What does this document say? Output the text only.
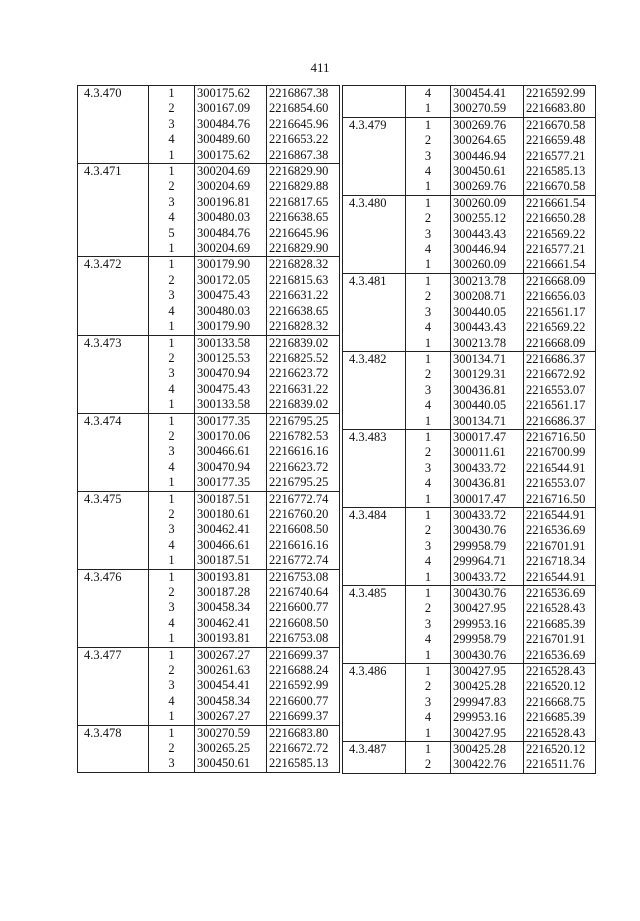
411
4.3.470	1	300175.62	2216867.38
	2	300167.09	2216854.60
	3	300484.76	2216645.96
	4	300489.60	2216653.22
	1	300175.62	2216867.38
4.3.471	1	300204.69	2216829.90
	2	300204.69	2216829.88
	3	300196.81	2216817.65
	4	300480.03	2216638.65
	5	300484.76	2216645.96
	1	300204.69	2216829.90
4.3.472	1	300179.90	2216828.32
	2	300172.05	2216815.63
	3	300475.43	2216631.22
	4	300480.03	2216638.65
	1	300179.90	2216828.32
4.3.473	1	300133.58	2216839.02
	2	300125.53	2216825.52
	3	300470.94	2216623.72
	4	300475.43	2216631.22
	1	300133.58	2216839.02
4.3.474	1	300177.35	2216795.25
	2	300170.06	2216782.53
	3	300466.61	2216616.16
	4	300470.94	2216623.72
	1	300177.35	2216795.25
4.3.475	1	300187.51	2216772.74
	2	300180.61	2216760.20
	3	300462.41	2216608.50
	4	300466.61	2216616.16
	1	300187.51	2216772.74
4.3.476	1	300193.81	2216753.08
	2	300187.28	2216740.64
	3	300458.34	2216600.77
	4	300462.41	2216608.50
	1	300193.81	2216753.08
4.3.477	1	300267.27	2216699.37
	2	300261.63	2216688.24
	3	300454.41	2216592.99
	4	300458.34	2216600.77
	1	300267.27	2216699.37
4.3.478	1	300270.59	2216683.80
	2	300265.25	2216672.72
	3	300450.61	2216585.13
	4	300454.41	2216592.99
	1	300270.59	2216683.80
4.3.479	1	300269.76	2216670.58
	2	300264.65	2216659.48
	3	300446.94	2216577.21
	4	300450.61	2216585.13
	1	300269.76	2216670.58
4.3.480	1	300260.09	2216661.54
	2	300255.12	2216650.28
	3	300443.43	2216569.22
	4	300446.94	2216577.21
	1	300260.09	2216661.54
4.3.481	1	300213.78	2216668.09
	2	300208.71	2216656.03
	3	300440.05	2216561.17
	4	300443.43	2216569.22
	1	300213.78	2216668.09
4.3.482	1	300134.71	2216686.37
	2	300129.31	2216672.92
	3	300436.81	2216553.07
	4	300440.05	2216561.17
	1	300134.71	2216686.37
4.3.483	1	300017.47	2216716.50
	2	300011.61	2216700.99
	3	300433.72	2216544.91
	4	300436.81	2216553.07
	1	300017.47	2216716.50
4.3.484	1	300433.72	2216544.91
	2	300430.76	2216536.69
	3	299958.79	2216701.91
	4	299964.71	2216718.34
	1	300433.72	2216544.91
4.3.485	1	300430.76	2216536.69
	2	300427.95	2216528.43
	3	299953.16	2216685.39
	4	299958.79	2216701.91
	1	300430.76	2216536.69
4.3.486	1	300427.95	2216528.43
	2	300425.28	2216520.12
	3	299947.83	2216668.75
	4	299953.16	2216685.39
	1	300427.95	2216528.43
4.3.487	1	300425.28	2216520.12
	2	300422.76	2216511.76
